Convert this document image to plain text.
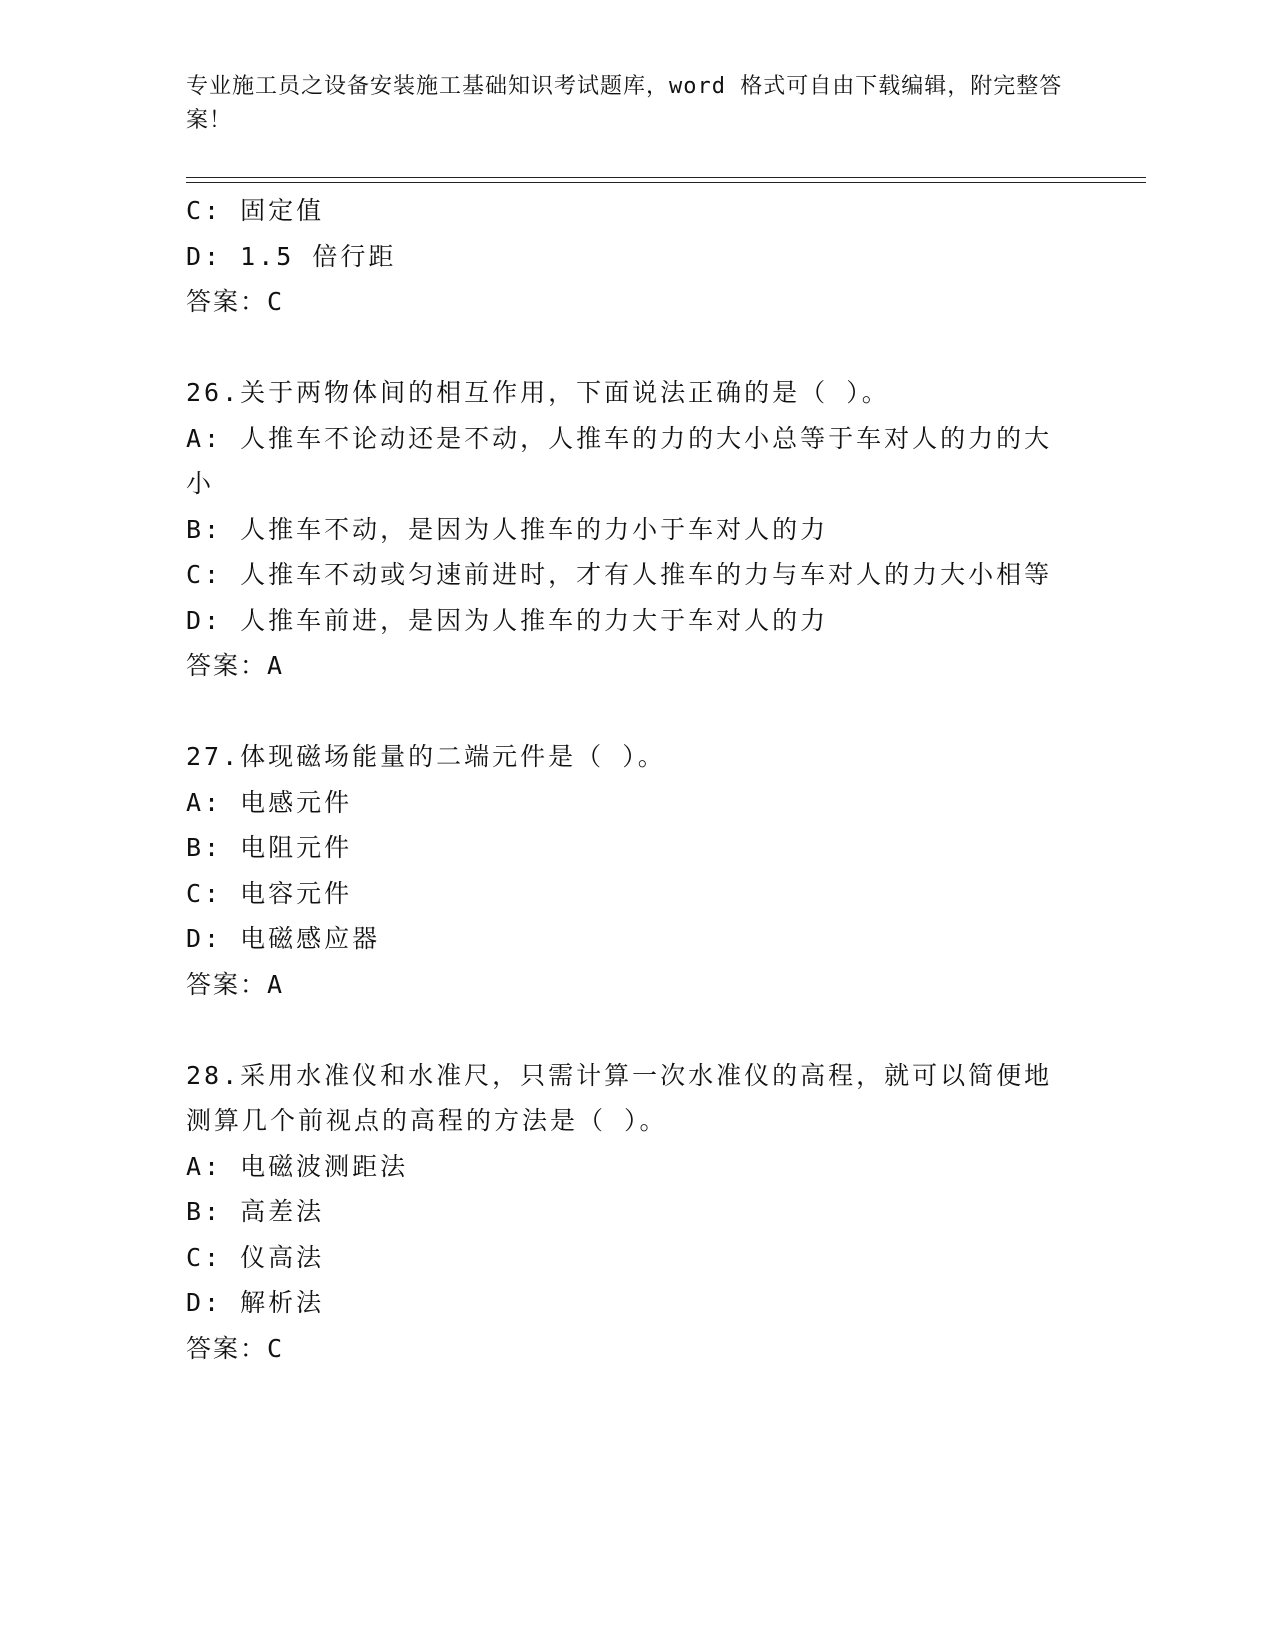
专业施工员之设备安装施工基础知识考试题库，word 格式可自由下载编辑，附完整答案！
C: 固定值
D: 1.5 倍行距
答案：C
26.关于两物体间的相互作用，下面说法正确的是（ ）。
A: 人推车不论动还是不动，人推车的力的大小总等于车对人的力的大小
B: 人推车不动，是因为人推车的力小于车对人的力
C: 人推车不动或匀速前进时，才有人推车的力与车对人的力大小相等
D: 人推车前进，是因为人推车的力大于车对人的力
答案：A
27.体现磁场能量的二端元件是（ ）。
A: 电感元件
B: 电阻元件
C: 电容元件
D: 电磁感应器
答案：A
28.采用水准仪和水准尺，只需计算一次水准仪的高程，就可以简便地测算几个前视点的高程的方法是（ ）。
A: 电磁波测距法
B: 高差法
C: 仪高法
D: 解析法
答案：C
